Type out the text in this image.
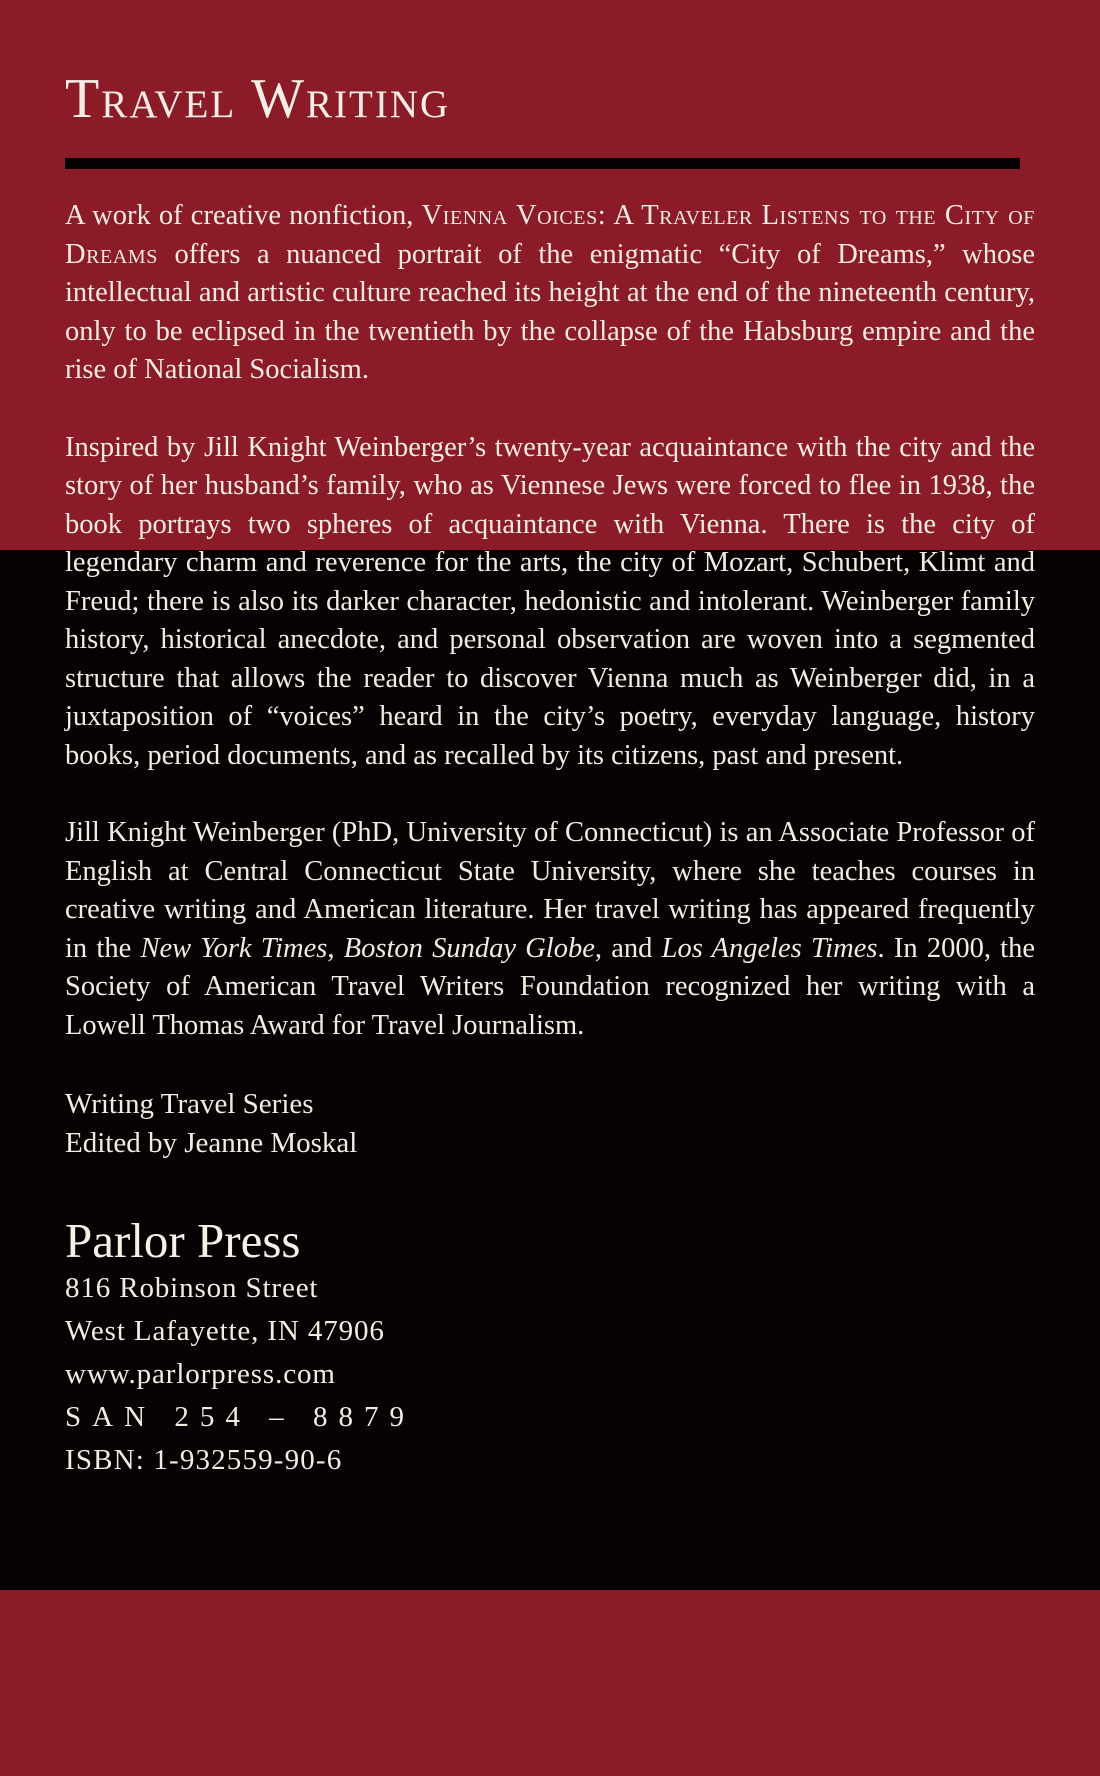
Travel Writing

A work of creative nonfiction, Vienna Voices: A Traveler Listens to the City of Dreams offers a nuanced portrait of the enigmatic “City of Dreams,” whose intellectual and artistic culture reached its height at the end of the nineteenth century, only to be eclipsed in the twentieth by the collapse of the Habsburg empire and the rise of National Socialism.

Inspired by Jill Knight Weinberger’s twenty-year acquaintance with the city and the story of her husband’s family, who as Viennese Jews were forced to flee in 1938, the book portrays two spheres of acquaintance with Vienna. There is the city of legendary charm and reverence for the arts, the city of Mozart, Schubert, Klimt and Freud; there is also its darker character, hedonistic and intolerant. Weinberger family history, historical anecdote, and personal observation are woven into a segmented structure that allows the reader to discover Vienna much as Weinberger did, in a juxtaposition of “voices” heard in the city’s poetry, everyday language, history books, period documents, and as recalled by its citizens, past and present.

Jill Knight Weinberger (PhD, University of Connecticut) is an Associate Professor of English at Central Connecticut State University, where she teaches courses in creative writing and American literature. Her travel writing has appeared frequently in the New York Times, Boston Sunday Globe, and Los Angeles Times. In 2000, the Society of American Travel Writers Foundation recognized her writing with a Lowell Thomas Award for Travel Journalism.

Writing Travel Series
Edited by Jeanne Moskal

Parlor Press
816 Robinson Street
West Lafayette, IN 47906
www.parlorpress.com
SAN 254 – 8879
ISBN: 1-932559-90-6
